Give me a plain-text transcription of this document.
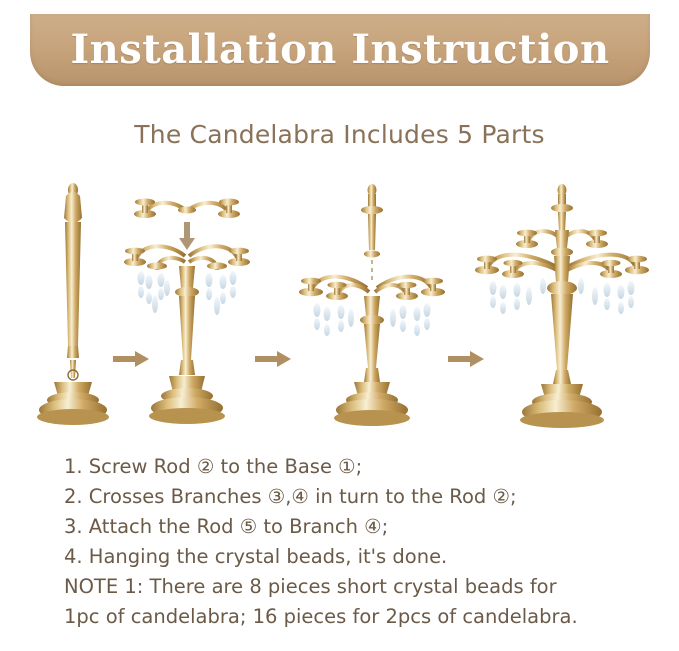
Installation Instruction
The Candelabra Includes 5 Parts
1. Screw Rod ② to the Base ①;
2. Crosses Branches ③,④ in turn to the Rod ②;
3. Attach the Rod ⑤ to Branch ④;
4. Hanging the crystal beads, it's done.
NOTE 1: There are 8 pieces short crystal beads for
1pc of candelabra; 16 pieces for 2pcs of candelabra.
